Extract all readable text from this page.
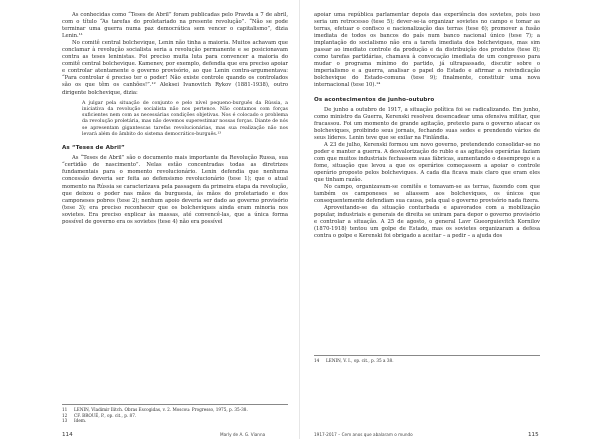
As conhecidas como “Teses de Abril” foram publicadas pelo Pravda a 7 de abril, com o título “As tarefas do proletariado na presente revolução”. “Não se pode terminar uma guerra numa paz democrática sem vencer o capitalismo”, dizia Lenin.¹¹

No comitê central bolchevique, Lenin não tinha a maioria. Muitos achavam que conclamar à revolução socialista seria a revolução permanente e se posicionavam contra as teses leninistas. Foi preciso muita luta para convencer a maioria do comitê central bolchevique. Kamenev, por exemplo, defendia que era preciso apoiar e controlar atentamente o governo provisório, ao que Lenin contra-argumentava: “Para controlar é preciso ter o poder! Não existe controle quando os controlados são os que têm os canhões!”.¹² Aleksei Ivanovitch Rykov (1881-1938), outro dirigente bolchevique, dizia:

A julgar pela situação de conjunto e pelo nível pequeno-burguês da Rússia, a iniciativa da revolução socialista não nos pertence. Não contamos com forças suficientes nem com as necessárias condições objetivas. Nos é colocado o problema da revolução proletária, mas não devemos superestimar nossas forças. Diante de nós se apresentam gigantescas tarefas revolucionárias, mas sua realização não nos levará além do âmbito do sistema democrático-burguês.¹³
As “Teses de Abril”

As “Teses de Abril” são o documento mais importante da Revolução Russa, sua “certidão de nascimento”. Nelas estão concentradas todas as diretrizes fundamentais para o momento revolucionário. Lenin defendia que nenhuma concessão deveria ser feita ao defensismo revolucionário (tese 1); que o atual momento na Rússia se caracterizava pela passagem da primeira etapa da revolução, que deixou o poder nas mãos da burguesia, às mãos do proletariado e dos camponeses pobres (tese 2); nenhum apoio deveria ser dado ao governo provisório (tese 3); era preciso reconhecer que os bolcheviques ainda eram minoria nos sovietes. Era preciso explicar às massas, até convencê-las, que a única forma possível de governo era os sovietes (tese 4) não era possível

11 LENIN, Vladimir Ilitch. Obras Escogidas, v. 2. Moscou: Progresso, 1975, p. 35-38.

12 CF. BROUÉ, P., op. cit., p. 87.

13 Idem.

apoiar uma república parlamentar depois das experiência dos sovietes, pois isso seria um retrocesso (tese 5); dever-se-ia organizar sovietes no campo e tomar as terras, efetuar o confisco e nacionalização das terras (tese 6); promover a fusão imediata de todos os bancos do país num banco nacional único (tese 7); a implantação do socialismo não era a tarefa imediata dos bolcheviques, mas sim passar ao imediato controle da produção e da distribuição dos produtos (tese 8); como tarefas partidárias, chamava à convocação imediata de um congresso para mudar o programa mínimo do partido, já ultrapassado, discutir sobre o imperialismo e a guerra, analisar o papel do Estado e afirmar a reivindicação bolchevique do Estado-comuna (tese 9); finalmente, constituir uma nova internacional (tese 10).¹⁴

Os acontecimentos de junho-outubro

De junho a outubro de 1917, a situação política foi se radicalizando. Em junho, como ministro da Guerra, Kerenski resolveu desencadear uma ofensiva militar, que fracassou. Foi um momento de grande agitação, pretexto para o governo atacar os bolcheviques, proibindo seus jornais, fechando suas sedes e prendendo vários de seus líderes. Lenin teve que se exilar na Finlândia.

A 23 de julho, Kerenski formou um novo governo, pretendendo consolidar-se no poder e manter a guerra. A desvalorização do rublo e as agitações operárias faziam com que muitos industriais fechassem suas fábricas, aumentando o desemprego e a fome, situação que levou a que os operários começassem a apoiar o controle operário proposto pelos bolcheviques. A cada dia ficava mais claro que eram eles que tinham razão.

No campo, organizavam-se comitês e tomavam-se as terras, fazendo com que também os camponeses se aliassem aos bolcheviques, os únicos que consequentemente defendiam sua causa, pela qual o governo provisório nada fizera.

Aproveitando-se da situação conturbada e apavorados com a mobilização popular, industriais e generais de direita se uniram para depor o governo provisório e controlar a situação. A 25 de agosto, o general Lavr Gueorguievitch Kornilov (1870-1918) tentou um golpe de Estado, mas os sovietes organizaram a defesa contra o golpe e Kerenski foi obrigado a aceitar – a pedir – a ajuda dos

14 LENIN, V. I., op. cit., p. 35 a 38.

114	Marly de A. G. Vianna	1917-2017 – Cem anos que abalaram o mundo	115
